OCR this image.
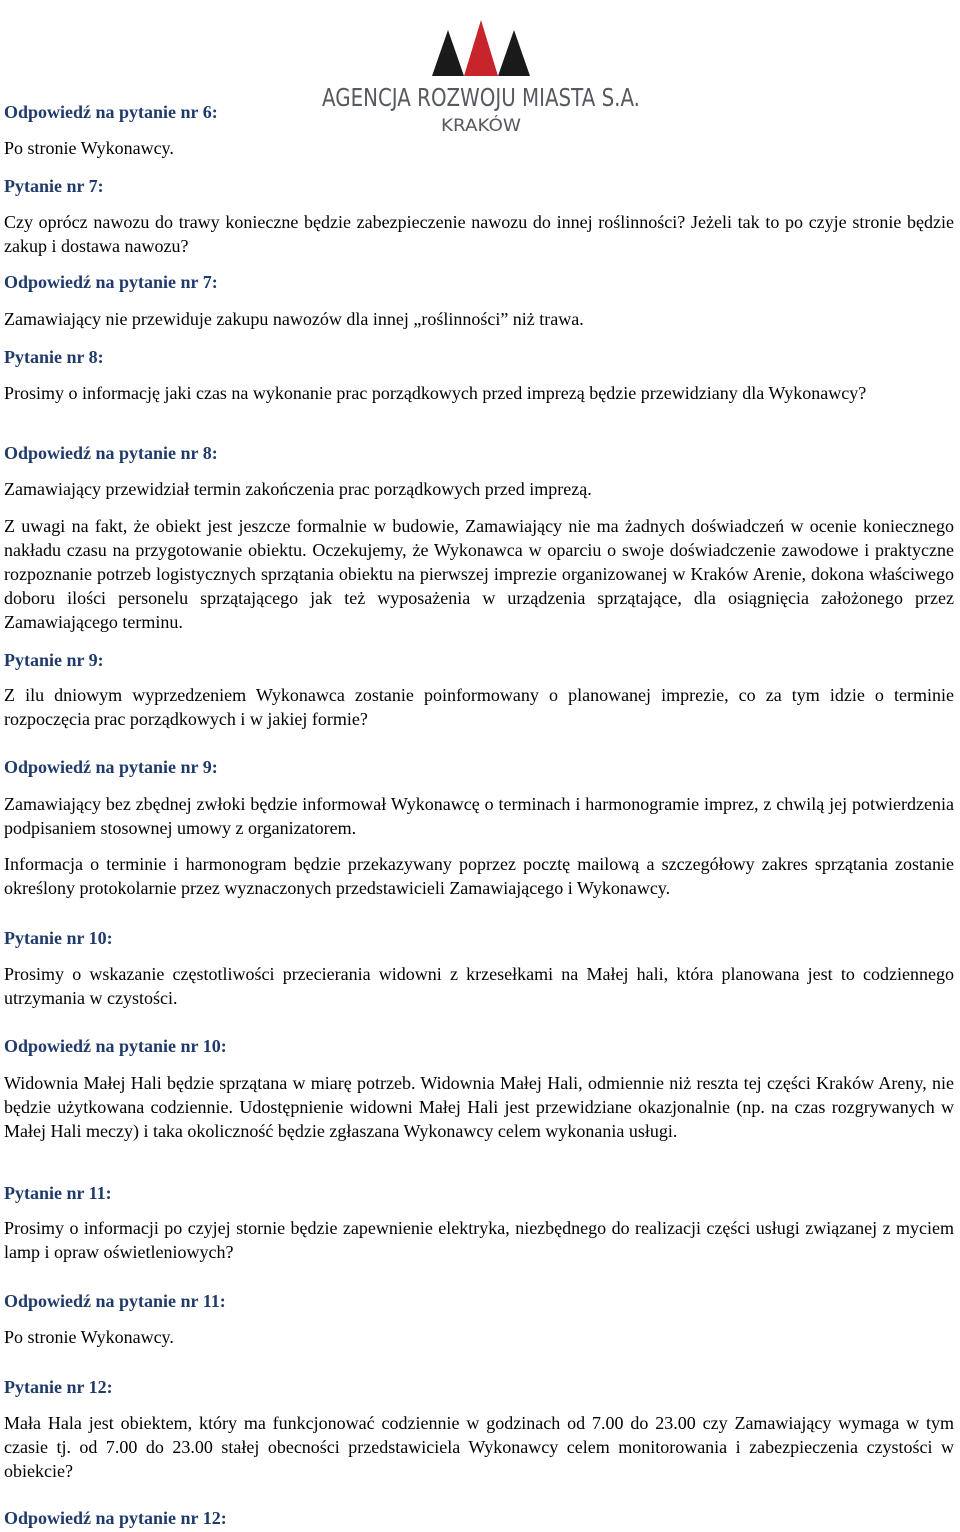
AGENCJA ROZWOJU MIASTA S.A.
KRAKÓW

Odpowiedź na pytanie nr 6:

Po stronie Wykonawcy.

Pytanie nr 7:

Czy oprócz nawozu do trawy konieczne będzie zabezpieczenie nawozu do innej roślinności? Jeżeli tak to po czyje stronie będzie zakup i dostawa nawozu?

Odpowiedź na pytanie nr 7:

Zamawiający nie przewiduje zakupu nawozów dla innej „roślinności” niż trawa.

Pytanie nr 8:

Prosimy o informację jaki czas na wykonanie prac porządkowych przed imprezą będzie przewidziany dla Wykonawcy?

Odpowiedź na pytanie nr 8:

Zamawiający przewidział termin zakończenia prac porządkowych przed imprezą.

Z uwagi na fakt, że obiekt jest jeszcze formalnie w budowie, Zamawiający nie ma żadnych doświadczeń w ocenie koniecznego nakładu czasu na przygotowanie obiektu. Oczekujemy, że Wykonawca w oparciu o swoje doświadczenie zawodowe i praktyczne rozpoznanie potrzeb logistycznych sprzątania obiektu na pierwszej imprezie organizowanej w Kraków Arenie, dokona właściwego doboru ilości personelu sprzątającego jak też wyposażenia w urządzenia sprzątające, dla osiągnięcia założonego przez Zamawiającego terminu.

Pytanie nr 9:

Z ilu dniowym wyprzedzeniem Wykonawca zostanie poinformowany o planowanej imprezie, co za tym idzie o terminie rozpoczęcia prac porządkowych i w jakiej formie?

Odpowiedź na pytanie nr 9:

Zamawiający bez zbędnej zwłoki będzie informował Wykonawcę o terminach i harmonogramie imprez, z chwilą jej potwierdzenia podpisaniem stosownej umowy z organizatorem.

Informacja o terminie i harmonogram będzie przekazywany poprzez pocztę mailową a szczegółowy zakres sprzątania zostanie określony protokolarnie przez wyznaczonych przedstawicieli Zamawiającego i Wykonawcy.

Pytanie nr 10:

Prosimy o wskazanie częstotliwości przecierania widowni z krzesełkami na Małej hali, która planowana jest to codziennego utrzymania w czystości.

Odpowiedź na pytanie nr 10:

Widownia Małej Hali będzie sprzątana w miarę potrzeb. Widownia Małej Hali, odmiennie niż reszta tej części Kraków Areny, nie będzie użytkowana codziennie. Udostępnienie widowni Małej Hali jest przewidziane okazjonalnie (np. na czas rozgrywanych w Małej Hali meczy) i taka okoliczność będzie zgłaszana Wykonawcy celem wykonania usługi.

Pytanie nr 11:

Prosimy o informacji po czyjej stornie będzie zapewnienie elektryka, niezbędnego do realizacji części usługi związanej z myciem lamp i opraw oświetleniowych?

Odpowiedź na pytanie nr 11:

Po stronie Wykonawcy.

Pytanie nr 12:

Mała Hala jest obiektem, który ma funkcjonować codziennie w godzinach od 7.00 do 23.00 czy Zamawiający wymaga w tym czasie tj. od 7.00 do 23.00 stałej obecności przedstawiciela Wykonawcy celem monitorowania i zabezpieczenia czystości w obiekcie?

Odpowiedź na pytanie nr 12:
